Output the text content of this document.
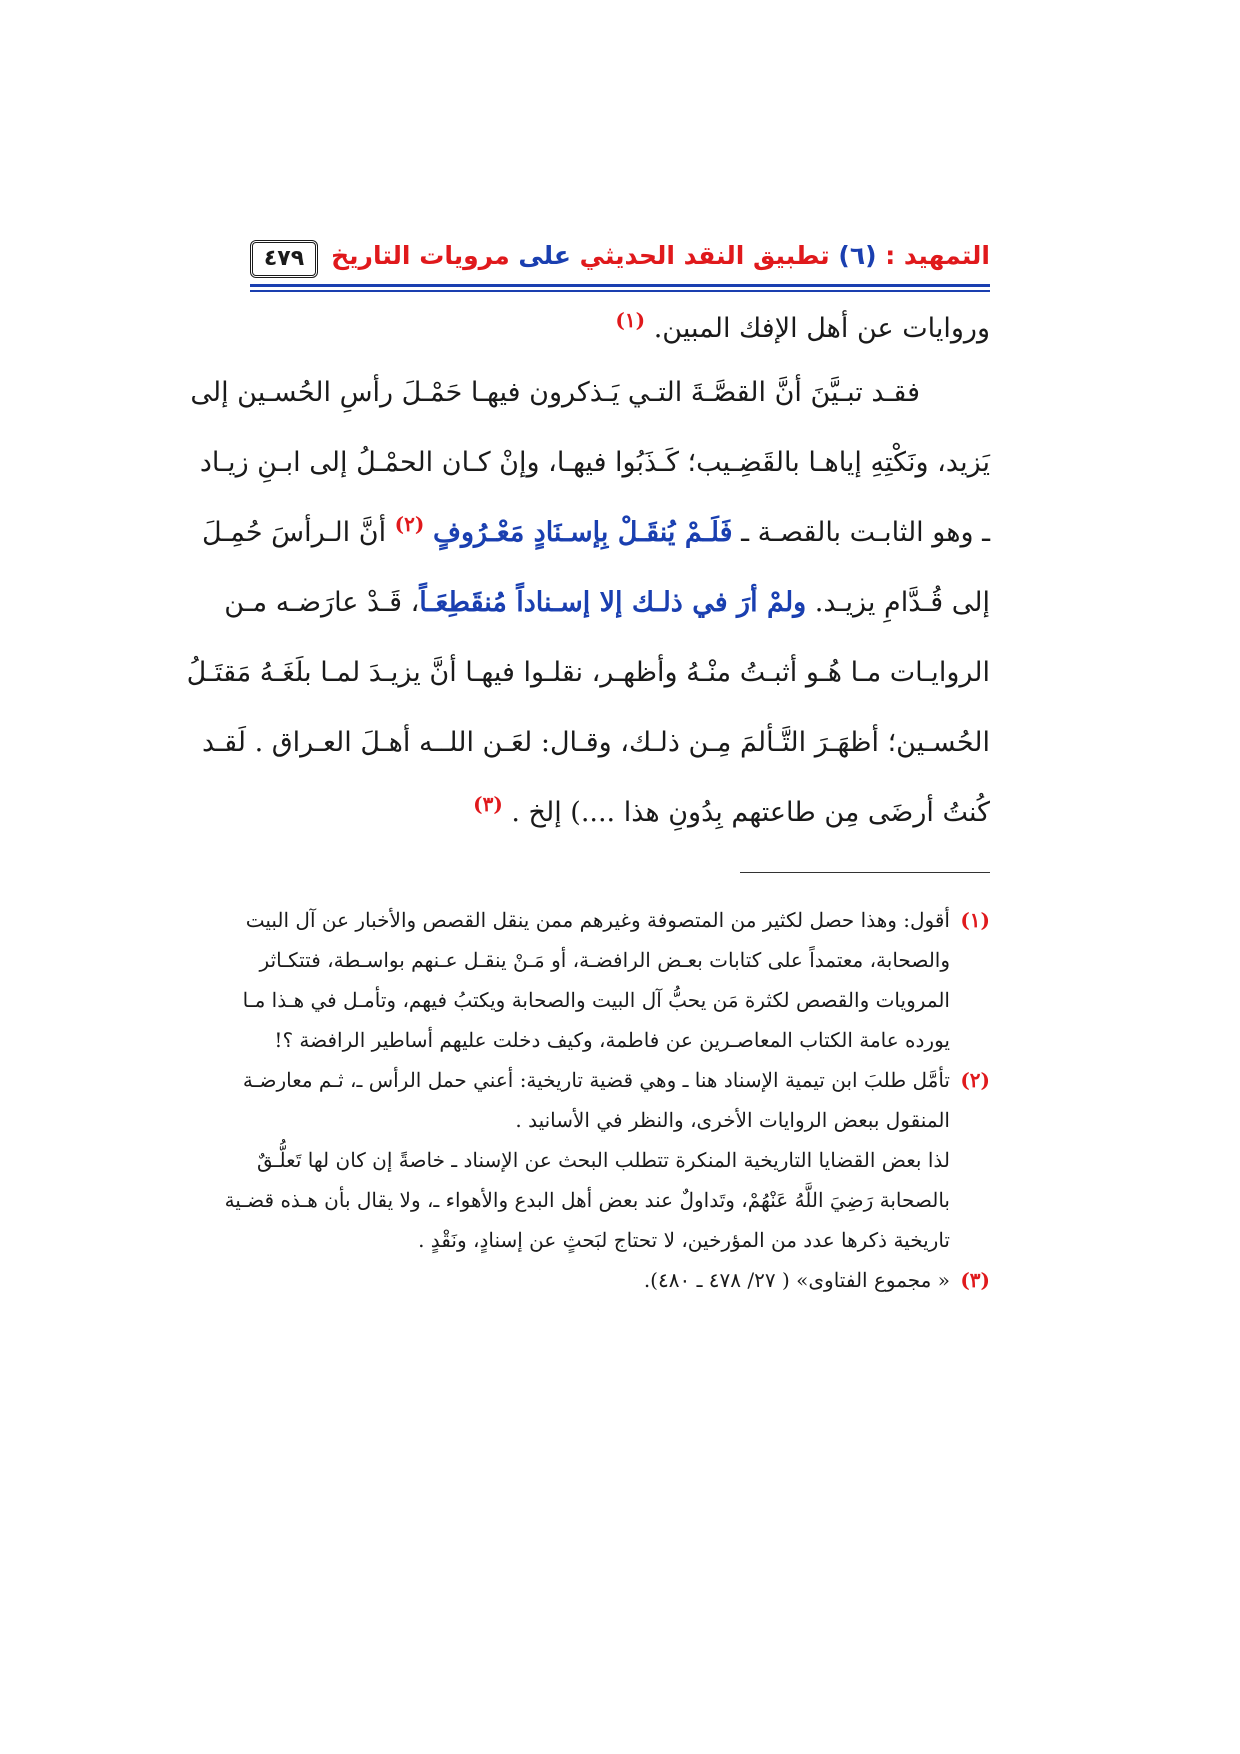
التمهيد : (٦) تطبيق النقد الحديثي على مرويات التاريخ
٤٧٩
وروايات عن أهل الإفك المبين. $^{(١)}$
فقـد تبـيَّنَ أنَّ القصَّـةَ التـي يَـذكرون فيهـا حَمْـلَ رأسِ الحُسـين إلى
يَزيد، ونَكْتِهِ إياهـا بالقَضِـيب؛ كَـذَبُوا فيهـا، وإنْ كـان الحمْـلُ إلى ابـنِ زيـاد
ـ وهو الثابـت بالقصـة ـ فَلَـمْ يُنقَـلْ بِإسـنَادٍ مَعْـرُوفٍ $^{(٢)}$ أنَّ الـرأسَ حُمِـلَ
إلى قُـدَّامِ يزيـد. ولمْ أرَ في ذلـك إلا إسـناداً مُنقَطِعَـاً، قَـدْ عارَضـه مـن
الروايـات مـا هُـو أثبـتُ منْـهُ وأظهـر، نقلـوا فيهـا أنَّ يزيـدَ لمـا بلَغَـهُ مَقتَـلُ
الحُسـين؛ أظهَـرَ التَّـألمَ مِـن ذلـك، وقـال: لعَـن اللــه أهـلَ العـراق . لَقـد
كُنتُ أرضَى مِن طاعتهم بِدُونِ هذا ....) إلخ . $^{(٣)}$
(١)
أقول: وهذا حصل لكثير من المتصوفة وغيرهم ممن ينقل القصص والأخبار عن آل البيت
والصحابة، معتمداً على كتابات بعـض الرافضـة، أو مَـنْ ينقـل عـنهم بواسـطة، فتتكـاثر
المرويات والقصص لكثرة مَن يحبُّ آل البيت والصحابة ويكتبُ فيهم، وتأمـل في هـذا مـا
يورده عامة الكتاب المعاصـرين عن فاطمة، وكيف دخلت عليهم أساطير الرافضة ؟!
(٢)
تأمَّل طلبَ ابن تيمية الإسناد هنا ـ وهي قضية تاريخية: أعني حمل الرأس ـ، ثـم معارضـة
المنقول ببعض الروايات الأخرى، والنظر في الأسانيد .
لذا بعض القضايا التاريخية المنكرة تتطلب البحث عن الإسناد ـ خاصةً إن كان لها تَعلُّـقٌ
بالصحابة رَضِيَ اللَّهُ عَنْهُمْ، وتَداولٌ عند بعض أهل البدع والأهواء ـ، ولا يقال بأن هـذه قضـية
تاريخية ذكرها عدد من المؤرخين، لا تحتاج لبَحثٍ عن إسنادٍ، ونَقْدٍ .
(٣)
« مجموع الفتاوى» ( ٢٧/ ٤٧٨ ـ ٤٨٠).
